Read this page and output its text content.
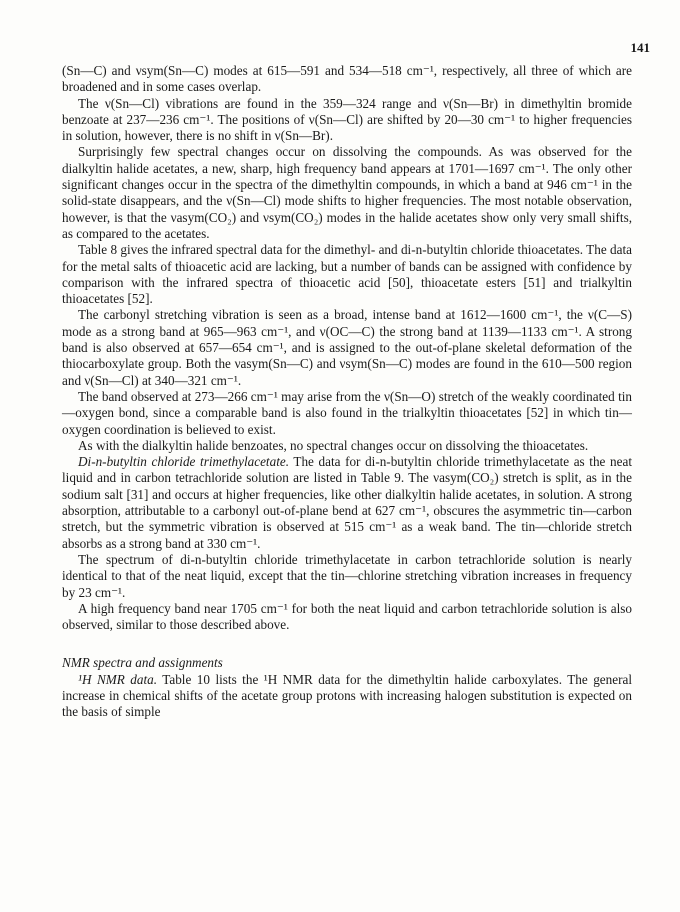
141

(Sn—C) and νsym(Sn—C) modes at 615—591 and 534—518 cm⁻¹, respectively, all three of which are broadened and in some cases overlap.

The ν(Sn—Cl) vibrations are found in the 359—324 range and ν(Sn—Br) in dimethyltin bromide benzoate at 237—236 cm⁻¹. The positions of ν(Sn—Cl) are shifted by 20—30 cm⁻¹ to higher frequencies in solution, however, there is no shift in ν(Sn—Br).

Surprisingly few spectral changes occur on dissolving the compounds. As was observed for the dialkyltin halide acetates, a new, sharp, high frequency band appears at 1701—1697 cm⁻¹. The only other significant changes occur in the spectra of the dimethyltin compounds, in which a band at 946 cm⁻¹ in the solid-state disappears, and the ν(Sn—Cl) mode shifts to higher frequencies. The most notable observation, however, is that the νasym(CO₂) and νsym(CO₂) modes in the halide acetates show only very small shifts, as compared to the acetates.

Table 8 gives the infrared spectral data for the dimethyl- and di-n-butyltin chloride thioacetates. The data for the metal salts of thioacetic acid are lacking, but a number of bands can be assigned with confidence by comparison with the infrared spectra of thioacetic acid [50], thioacetate esters [51] and trialkyltin thioacetates [52].

The carbonyl stretching vibration is seen as a broad, intense band at 1612—1600 cm⁻¹, the ν(C—S) mode as a strong band at 965—963 cm⁻¹, and ν(OC—C) the strong band at 1139—1133 cm⁻¹. A strong band is also observed at 657—654 cm⁻¹, and is assigned to the out-of-plane skeletal deformation of the thiocarboxylate group. Both the νasym(Sn—C) and νsym(Sn—C) modes are found in the 610—500 region and ν(Sn—Cl) at 340—321 cm⁻¹.

The band observed at 273—266 cm⁻¹ may arise from the ν(Sn—O) stretch of the weakly coordinated tin—oxygen bond, since a comparable band is also found in the trialkyltin thioacetates [52] in which tin—oxygen coordination is believed to exist.

As with the dialkyltin halide benzoates, no spectral changes occur on dissolving the thioacetates.

Di-n-butyltin chloride trimethylacetate. The data for di-n-butyltin chloride trimethylacetate as the neat liquid and in carbon tetrachloride solution are listed in Table 9. The νasym(CO₂) stretch is split, as in the sodium salt [31] and occurs at higher frequencies, like other dialkyltin halide acetates, in solution. A strong absorption, attributable to a carbonyl out-of-plane bend at 627 cm⁻¹, obscures the asymmetric tin—carbon stretch, but the symmetric vibration is observed at 515 cm⁻¹ as a weak band. The tin—chloride stretch absorbs as a strong band at 330 cm⁻¹.

The spectrum of di-n-butyltin chloride trimethylacetate in carbon tetrachloride solution is nearly identical to that of the neat liquid, except that the tin—chlorine stretching vibration increases in frequency by 23 cm⁻¹.

A high frequency band near 1705 cm⁻¹ for both the neat liquid and carbon tetrachloride solution is also observed, similar to those described above.

NMR spectra and assignments

¹H NMR data. Table 10 lists the ¹H NMR data for the dimethyltin halide carboxylates. The general increase in chemical shifts of the acetate group protons with increasing halogen substitution is expected on the basis of simple
